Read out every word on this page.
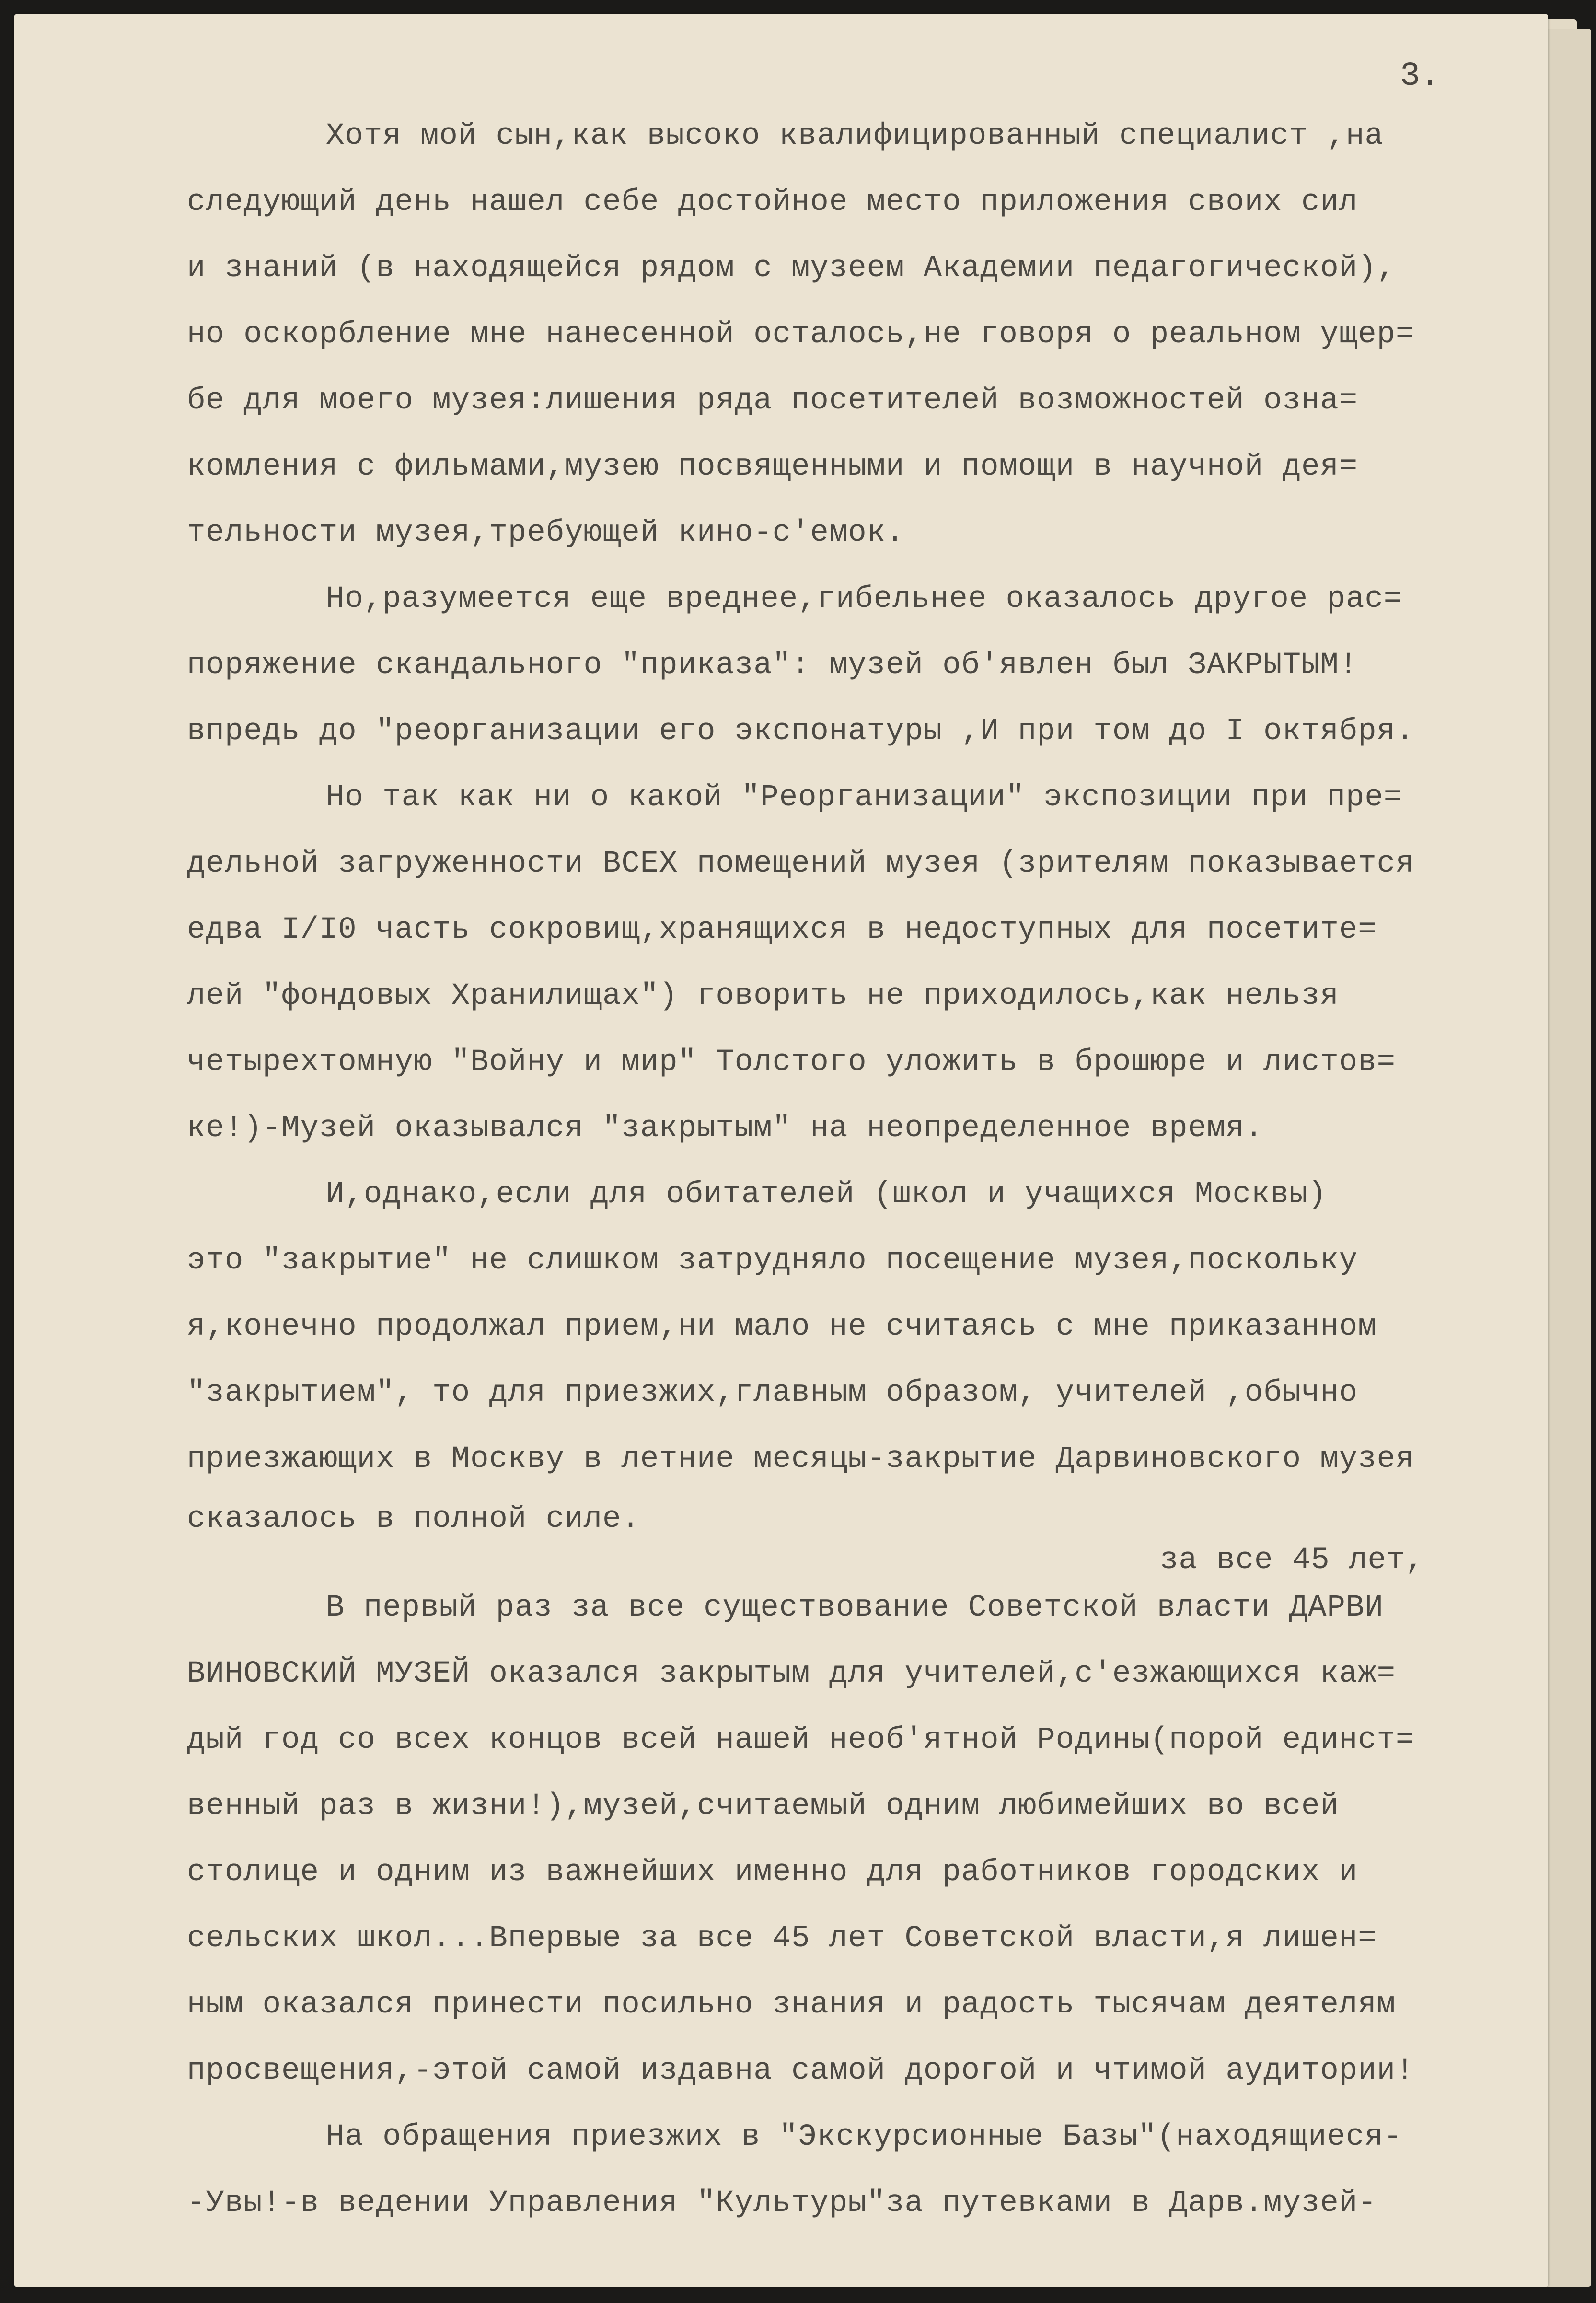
3.

Хотя мой сын,как высоко квалифицированный специалист ,на
следующий день нашел себе достойное место приложения своих сил
и знаний (в находящейся рядом с музеем Академии педагогической),
но оскорбление мне нанесенной осталось,не говоря о реальном ущер=
бе для моего музея:лишения ряда посетителей возможностей озна=
комления с фильмами,музею посвященными и помощи в научной дея=
тельности музея,требующей кино-с'емок.
Но,разумеется еще вреднее,гибельнее оказалось другое рас=
поряжение скандального "приказа": музей об'явлен был ЗАКРЫТЫМ!
впредь до "реорганизации его экспонатуры ,И при том до I октября.
Но так как ни о какой "Реорганизации" экспозиции при пре=
дельной загруженности ВСЕХ помещений музея (зрителям показывается
едва I/I0 часть сокровищ,хранящихся в недоступных для посетите=
лей "фондовых Хранилищах") говорить не приходилось,как нельзя
четырехтомную "Войну и мир" Толстого уложить в брошюре и листов=
ке!)-Музей оказывался "закрытым" на неопределенное время.
И,однако,если для обитателей (школ и учащихся Москвы)
это "закрытие" не слишком затрудняло посещение музея,поскольку
я,конечно продолжал прием,ни мало не считаясь с мне приказанном
"закрытием", то для приезжих,главным образом, учителей ,обычно
приезжающих в Москву в летние месяцы-закрытие Дарвиновского музея
сказалось в полной силе.
за все 45 лет,
В первый раз за все существование Советской власти ДАРВИ
ВИНОВСКИЙ МУЗЕЙ оказался закрытым для учителей,с'езжающихся каж=
дый год со всех концов всей нашей необ'ятной Родины(порой единст=
венный раз в жизни!),музей,считаемый одним любимейших во всей
столице и одним из важнейших именно для работников городских и
сельских школ...Впервые за все 45 лет Советской власти,я лишен=
ным оказался принести посильно знания и радость тысячам деятелям
просвещения,-этой самой издавна самой дорогой и чтимой аудитории!
На обращения приезжих в "Экскурсионные Базы"(находящиеся-
-Увы!-в ведении Управления "Культуры"за путевками в Дарв.музей-
